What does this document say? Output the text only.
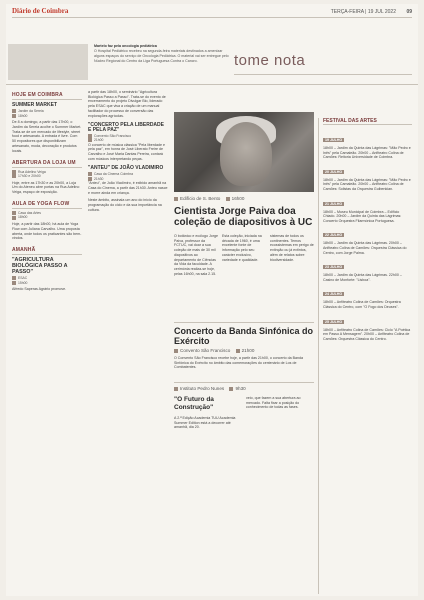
Diário de Coimbra	TERÇA-FEIRA | 19 JUL 2022 09
Martelo faz pela oncologia pediátrica
O Hospital Pediátrico recebeu na segunda-feira materiais destinados a amenizar alguns espaços do serviço de Oncologia Pediátrica. O material vai ser entregue pelo Núcleo Regional do Centro da Liga Portuguesa Contra o Cancro.	tome nota
HOJE EM COIMBRA
SUMMER MARKET
Jardim da Sereia
18h00
De 8 a domingo, a partir das 17h00, o Jardim da Sereia acolhe o Summer Market. Trata-se de um mercado de lifestyle, street food e artesanato. A entrada é livre. Com 50 expositores que disponibilizam artesanato, moda, decoração e produtos locais.
ABERTURA DA LOJA UM
Rua Adelino Veiga
17h30 e 20h00
Hoje, entre as 17h30 e as 20h00, a Loja Um do Ateneu abre portas na Rua Adelino Veiga, espaço de exposição.
AULA DE YOGA FLOW
Casa das Artes
18h00
Hoje, a partir das 18h00, há aula de Yoga Flow com Juliana Carvalho. Uma proposta aberta, onde todos os praticantes são bem-vindos.
AMANHÃ
"AGRICULTURA BIOLÓGICA PASSO A PASSO"
ESAC
15h00
Alfredo Saperas Agrário promove.
a partir das 18h00, o seminário "Agricultura Biológica Passo a Passo". Trata-se do evento de encerramento do projeto Divulgar Bio, liderado pela ESAC que visa a criação de um manual facilitador do processo de conversão das explorações agrícolas.
"CONCERTO PELA LIBERDADE E PELA PAZ"
Convento São Francisco
21h00
O concerto de música clássica "Pela liberdade e pela paz", em honra de José Liberato Freire de Carvalho e José Maria Dantas Pereira, contará com músicos interpretando peças.
"ANTEU" DE JOÃO VLADIMIRO
Casa da Cinema Coimbra
21h30
"Anteu", de João Vladimiro, é exibido amanhã na Casa do Cinema, a partir das 21h30. Anteu nasce e morre ainda em criança.
Neste âmbito, assinala um ano do início da programação do ciclo e da sua importância na cultura.
Edifício de S. Bento 16h00
Cientista Jorge Paiva doa coleção de diapositivos à UC
O botânico e ecólogo Jorge Paiva, professor da FCTUC, vai doar a sua coleção de mais de 30 mil diapositivos ao departamento de Ciências da Vida da faculdade. A cerimónia realiza-se hoje, pelas 16h00, na sala 2.15.
Esta coleção, iniciada na década de 1960, é uma excelente fonte de informação pelo seu carácter exclusivo, variedade e qualidade.
sistemas de todos os continentes. Temos ecossistemas em perigo de extinção ou já extintos, além de relatos sobre biodiversidade.
Concerto da Banda Sinfónica do Exército
Convento São Francisco 21h00
O Convento São Francisco recebe hoje, a partir das 21h00, o concerto da Banda Sinfónica do Exército no âmbito das comemorações do centenário de Los de Combatentes.
Instituto Pedro Nunes 9h30
"O Futuro da Construção"
A 2.ª Edição Academia TUU Academia Summer Edition está a decorrer até amanhã, dia 20.
veio, que fazem a sua abertura ao mercado. Falta fixar a posição do conhecimento de todas as fases.
FESTIVAL DAS ARTES
19 JULHO
18h00 – Jardim da Quinta das Lágrimas: "Mão Pedro e Inês" pela Camaleão. 20h00 – Anfiteatro Colina de Camões: Reitoria Universidade de Coimbra.
20 JULHO
18h00 – Jardim da Quinta das Lágrimas: "Mão Pedro e Inês" pela Camaleão. 20h00 – Anfiteatro Colina de Camões: Solistas da Orquestra Gulbenkian.
21 JULHO
18h00 – Museu Municipal de Coimbra – Edifício Chiado. 20h00 – Jardim da Quinta das Lágrimas: Concerto Orquestra Filarmónica Portuguesa.
22 JULHO
18h00 – Jardim da Quinta das Lágrimas. 20h00 – Anfiteatro Colina de Camões: Orquestra Clássica do Centro, com Jorge Palma.
23 JULHO
18h00 – Jardim da Quinta das Lágrimas. 22h00 – Casino de Monforte: "Lisboa".
24 JULHO
18h00 – Anfiteatro Colina de Camões: Orquestra Clássica do Centro, com "O Fogo dos Deuses".
25 JULHO
18h00 – Anfiteatro Colina de Camões: Ciclo "A Poética em Passo A Mensagem". 20h00 – Anfiteatro Colina de Camões: Orquestra Clássica do Centro.
